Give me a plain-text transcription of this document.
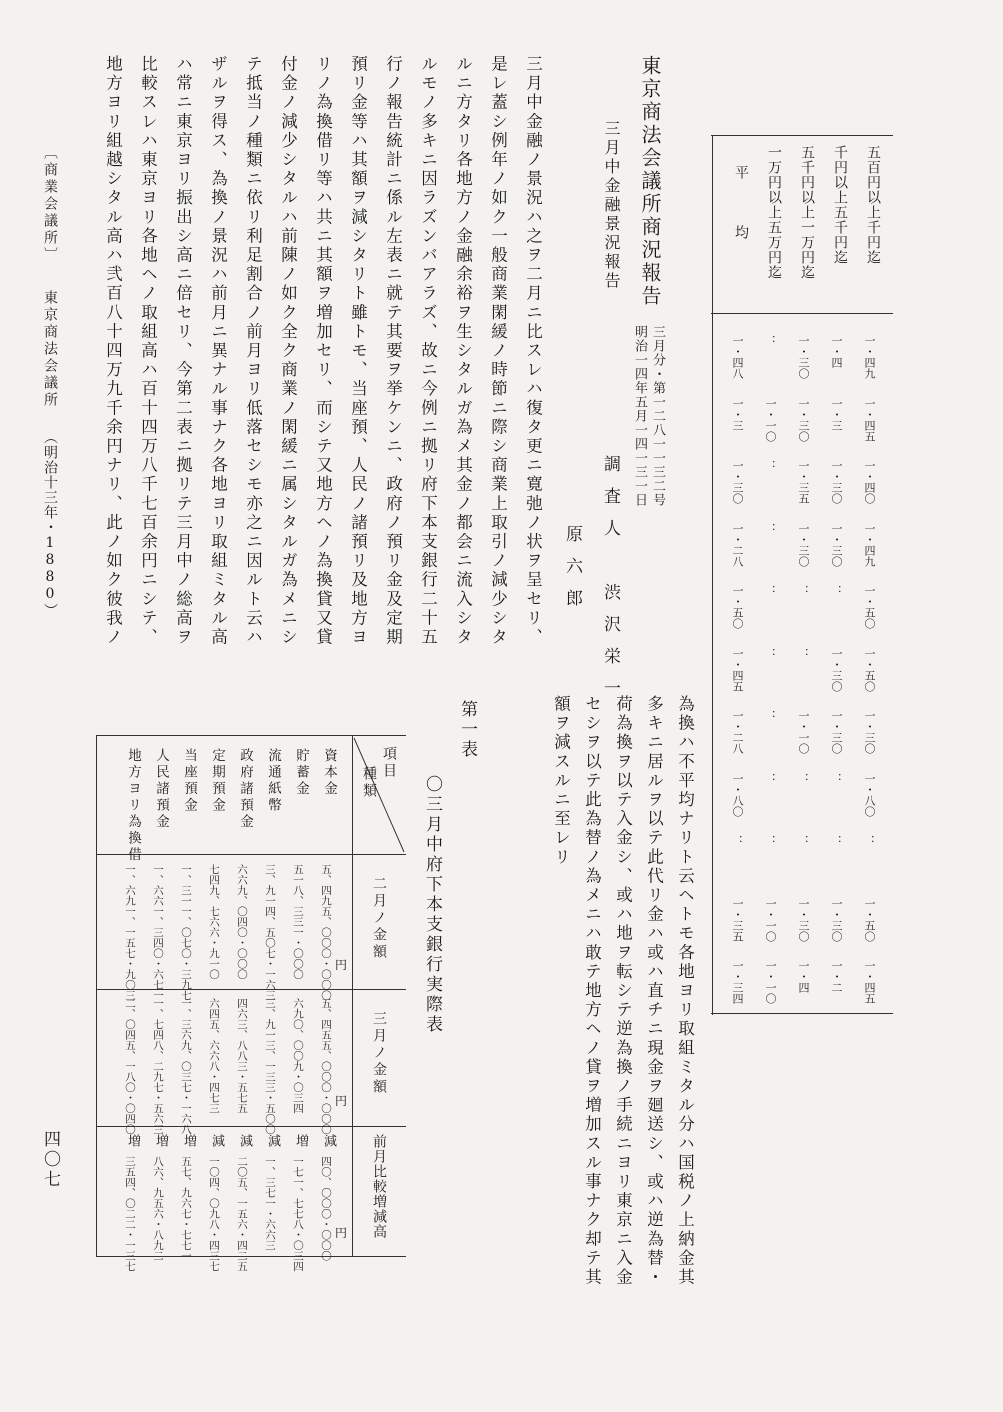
五百円以上千円迄
千円以上五千円迄
五千円以上一万円迄
一万円以上五万円迄
平　　　均
一・四九
一・四
一・三〇
：
一・四八
一・四五
一・三
一・三〇
一・一〇
一・三
一・四〇
一・三〇
一・三五
：
一・三〇
一・四九
一・三〇
一・三〇
：
一・二八
一・五〇
：
：
：
一・五〇
一・五〇
一・三〇
：
：
一・四五
一・三〇
一・三〇
一・一〇
：
一・二八
一・八〇
：
：
：
一・八〇
：
：
：
：
：
一・五〇
一・三〇
一・三〇
一・一〇
一・三五
一・四五
一・二
一・四
一・一〇
一・三四
東京商法会議所商況報告
三月中金融景況報告
三月分・第一二八一一三二号
明治一四年五月一四一三一日
調査人　渋沢栄一
原六郎
為換ハ不平均ナリト云ヘトモ各地ヨリ取組ミタル分ハ国税ノ上納金其
多キニ居ルヲ以テ此代リ金ハ或ハ直チニ現金ヲ廻送シ、或ハ逆為替・
荷為換ヲ以テ入金シ、或ハ地ヲ転シテ逆為換ノ手続ニヨリ東京ニ入金
セシヲ以テ此為替ノ為メニハ敢テ地方ヘノ貸ヲ増加スル事ナク却テ其
額ヲ減スルニ至レリ
第一表
〇三月中府下本支銀行実際表
項目
種類
二月ノ金額
三月ノ金額
前月比較増減高
円
円
円
資本金
五、四九五、〇〇〇・〇〇〇
五、四五五、〇〇〇・〇〇〇
減
四〇、〇〇〇・〇〇〇
貯蓄金
五一八、三三一・〇〇〇
六九〇、〇〇九・〇三四
増
一七一、七七八・〇三四
流通紙幣
三、九一四、五〇七・一六三
三、九一三、一三三・五〇〇
減
一、三七一・六六三
政府諸預金
六六九、〇四〇・〇〇〇
四六三、八八三・五七五
減
二〇五、一五六・四二五
定期預金
七四九、七六六・九一〇
六四五、六六八・四七三
減
一〇四、〇九八・四三七
当座預金
一、三一一、〇七〇・三九七
一、三六九、〇三七・一六八
増
五七、九六七・七七一
人民諸預金
一、六六一、三四〇・六七一
一、七四八、二九七・五六三
増
八六、九五六・八九二
地方ヨリ為換借
一、六九一、一五七・九〇三
二、〇四五、一八〇・〇四〇
増
三五四、〇二二・一三七
三月中金融ノ景況ハ之ヲ二月ニ比スレハ復タ更ニ寛弛ノ状ヲ呈セリ、
是レ蓋シ例年ノ如ク一般商業閑緩ノ時節ニ際シ商業上取引ノ減少シタ
ルニ方タリ各地方ノ金融余裕ヲ生シタルガ為メ其金ノ都会ニ流入シタ
ルモノ多キニ因ラズンバアラズ、故ニ今例ニ拠リ府下本支銀行二十五
行ノ報告統計ニ係ル左表ニ就テ其要ヲ挙ケンニ、政府ノ預リ金及定期
預リ金等ハ其額ヲ減シタリト雖トモ、当座預、人民ノ諸預リ及地方ヨ
リノ為換借リ等ハ共ニ其額ヲ増加セリ、而シテ又地方ヘノ為換貸又貸
付金ノ減少シタルハ前陳ノ如ク全ク商業ノ閑緩ニ属シタルガ為メニシ
テ抵当ノ種類ニ依リ利足割合ノ前月ヨリ低落セシモ亦之ニ因ルト云ハ
ザルヲ得ス、為換ノ景況ハ前月ニ異ナル事ナク各地ヨリ取組ミタル高
ハ常ニ東京ヨリ振出シ高ニ倍セリ、今第二表ニ拠リテ三月中ノ総高ヲ
比較スレハ東京ヨリ各地ヘノ取組高ハ百十四万八千七百余円ニシテ、
地方ヨリ組越シタル高ハ弐百八十四万九千余円ナリ、此ノ如ク彼我ノ
〔商業会議所〕
東京商法会議所
（明治十三年・1880）
四〇七
